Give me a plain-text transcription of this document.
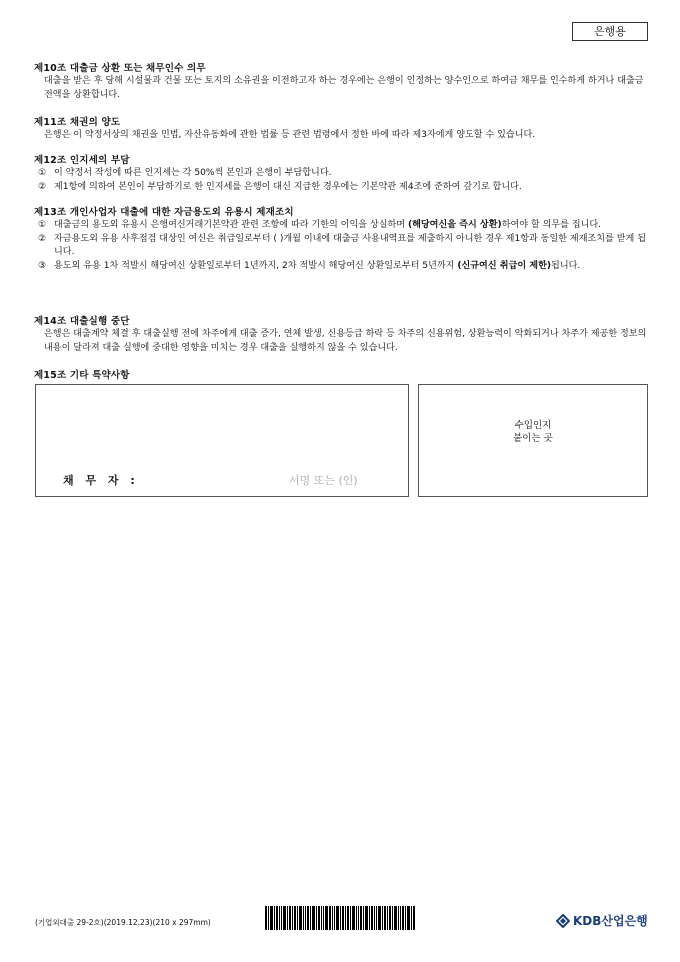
은행용
제10조 대출금 상환 또는 채무인수 의무

대출을 받은 후 당해 시설물과 건물 또는 토지의 소유권을 이전하고자 하는 경우에는 은행이 인정하는 양수인으로 하여금 채무를 인수하게 하거나 대출금 전액을 상환합니다.

제11조 채권의 양도

은행은 이 약정서상의 채권을 민법, 자산유동화에 관한 법률 등 관련 법령에서 정한 바에 따라 제3자에게 양도할 수 있습니다.

제12조 인지세의 부담
① 이 약정서 작성에 따른 인지세는 각 50%씩 본인과 은행이 부담합니다.
② 제1항에 의하여 본인이 부담하기로 한 인지세를 은행이 대신 지급한 경우에는 기본약관 제4조에 준하여 갚기로 합니다.
제13조 개인사업자 대출에 대한 자금용도외 유용시 제재조치
① 대출금의 용도외 유용시 은행여신거래기본약관 관련 조항에 따라 기한의 이익을 상실하며 (해당여신을 즉시 상환)하여야 할 의무를 집니다.
② 자금용도외 유용 사후점검 대상인 여신은 취급일로부터 ( )개월 이내에 대출금 사용내역표를 제출하지 아니한 경우 제1항과 동일한 제재조치를 받게 됩니다.
③ 용도외 유용 1차 적발시 해당여신 상환일로부터 1년까지, 2차 적발시 해당여신 상환일로부터 5년까지 (신규여신 취급이 제한)됩니다.
제14조 대출실행 중단

은행은 대출계약 체결 후 대출실행 전에 차주에게 대출 증가, 연체 발생, 신용등급 하락 등 차주의 신용위험, 상환능력이 악화되거나 차주가 제공한 정보의 내용이 달라져 대출 실행에 중대한 영향을 미치는 경우 대출을 실행하지 않을 수 있습니다.

제15조 기타 특약사항
채 무 자 :	서명 또는 (인)
수입인지
붙이는 곳
(기업외대출 29-2호)(2019.12.23)(210 x 297mm)	KDB산업은행
